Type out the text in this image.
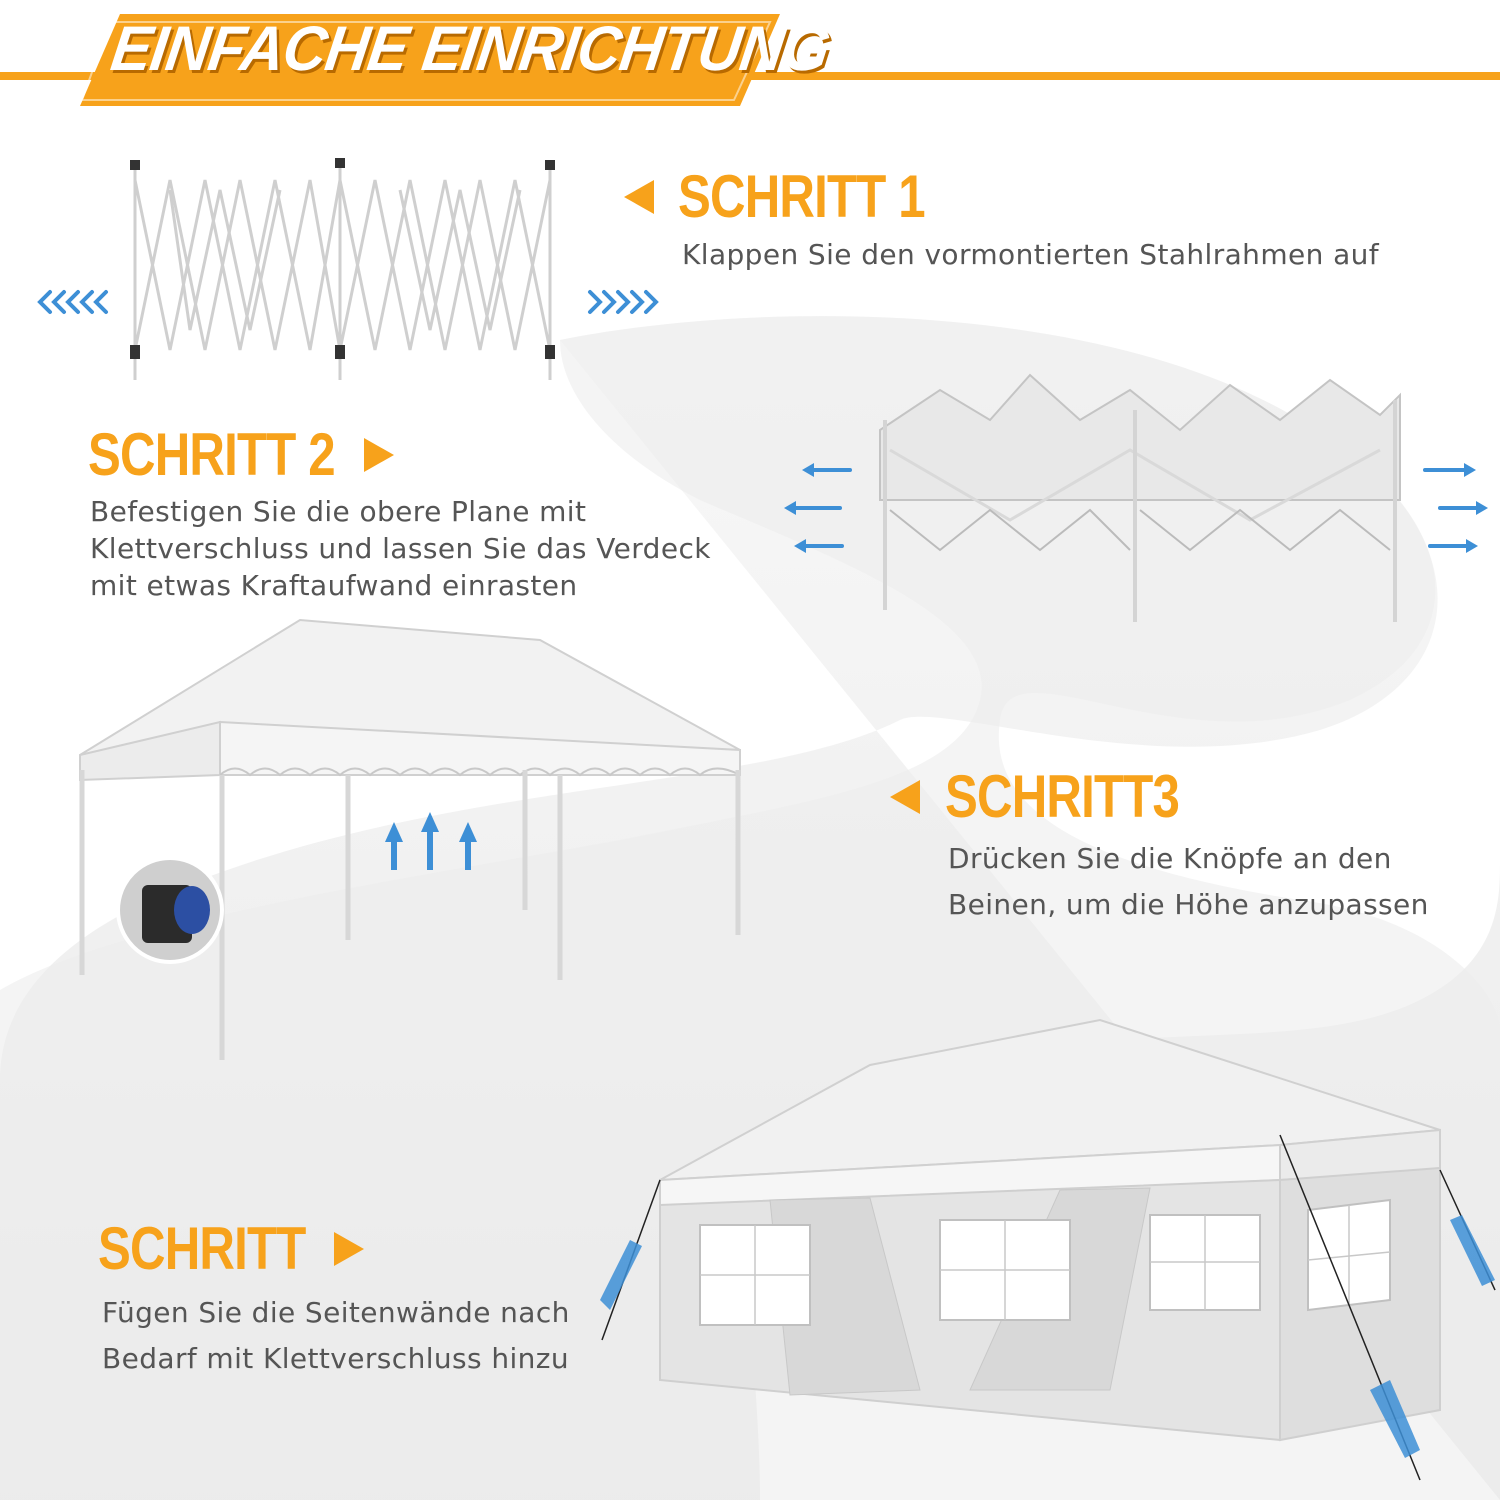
EINFACHE EINRICHTUNG
SCHRITT 1
Klappen Sie den vormontierten Stahlrahmen auf
SCHRITT 2
Befestigen Sie die obere Plane mit
Klettverschluss und lassen Sie das Verdeck
mit etwas Kraftaufwand einrasten
SCHRITT3
Drücken Sie die Knöpfe an den
Beinen, um die Höhe anzupassen
SCHRITT
Fügen Sie die Seitenwände nach
Bedarf mit Klettverschluss hinzu
